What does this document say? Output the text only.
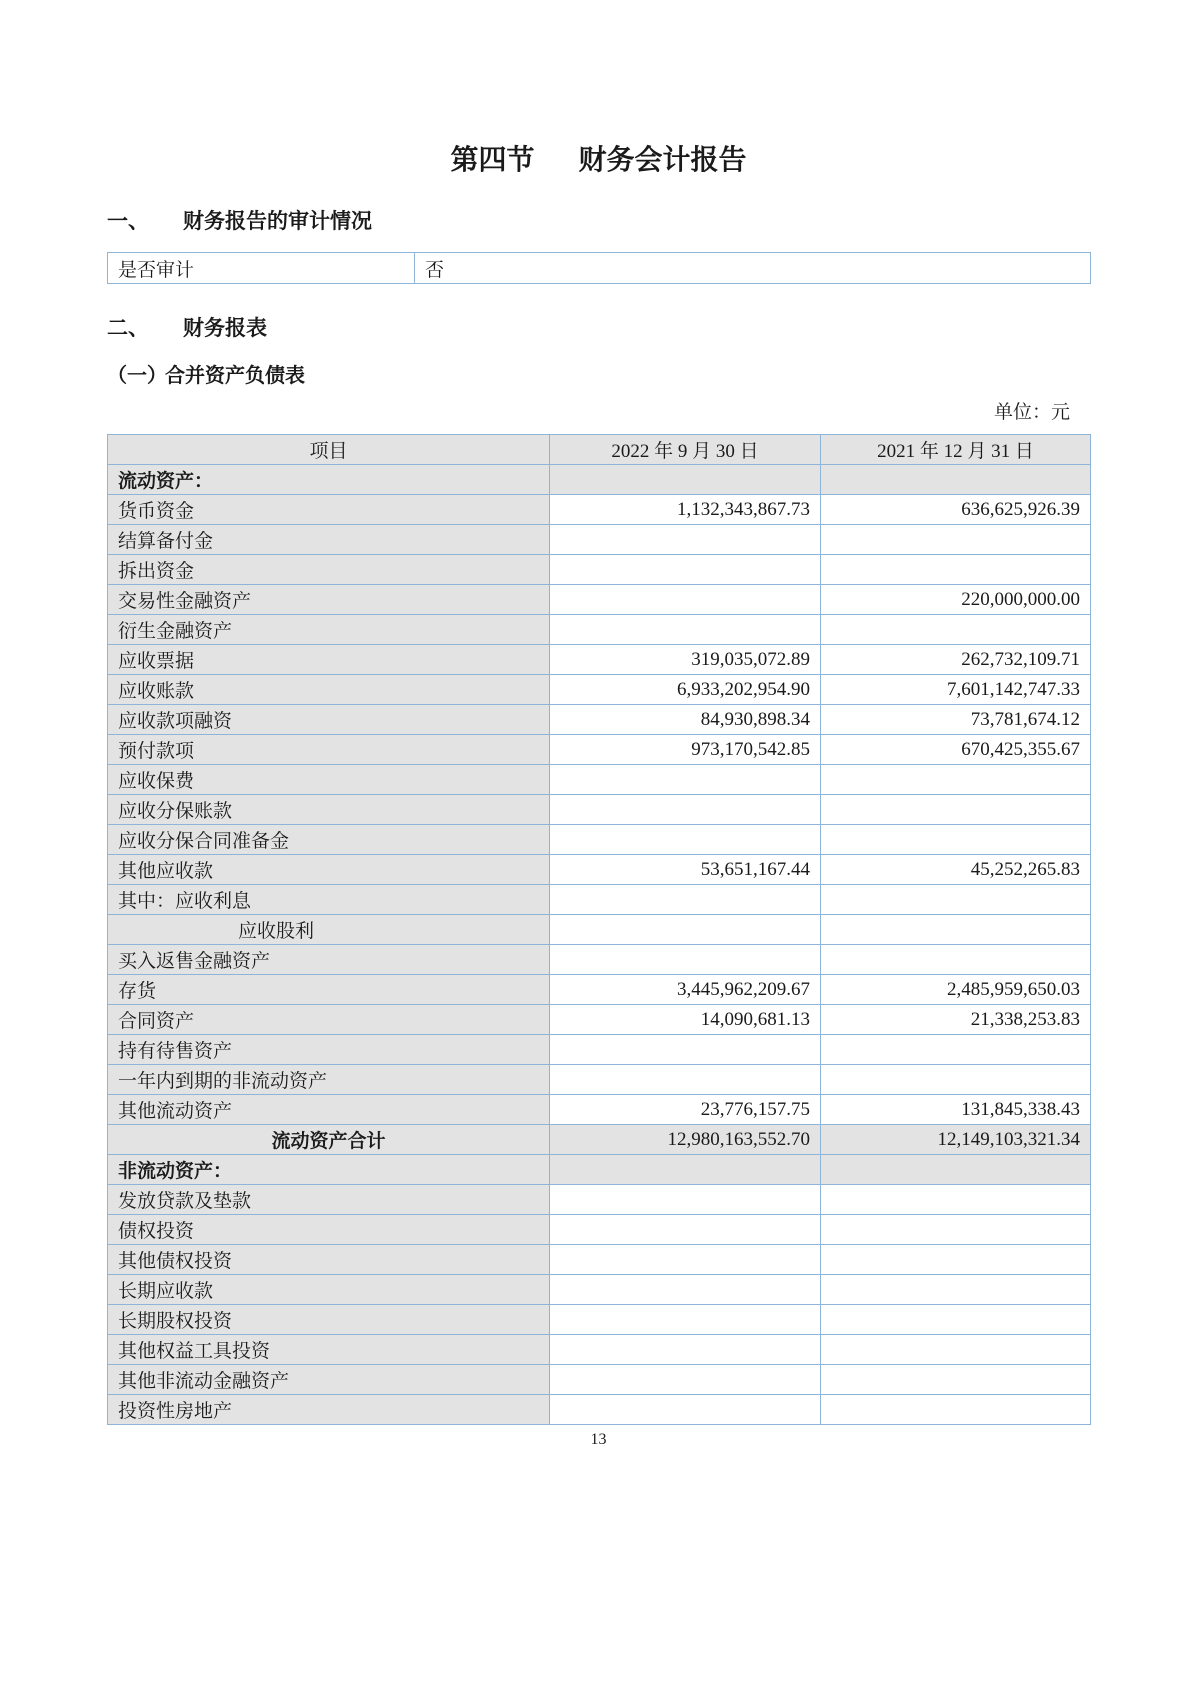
第四节 财务会计报告
一、 财务报告的审计情况
是否审计	否
二、 财务报表
（一）合并资产负债表
单位：元
项目	2022 年 9 月 30 日	2021 年 12 月 31 日
流动资产：		
货币资金	1,132,343,867.73	636,625,926.39
结算备付金		
拆出资金		
交易性金融资产		220,000,000.00
衍生金融资产		
应收票据	319,035,072.89	262,732,109.71
应收账款	6,933,202,954.90	7,601,142,747.33
应收款项融资	84,930,898.34	73,781,674.12
预付款项	973,170,542.85	670,425,355.67
应收保费		
应收分保账款		
应收分保合同准备金		
其他应收款	53,651,167.44	45,252,265.83
其中：应收利息		
应收股利		
买入返售金融资产		
存货	3,445,962,209.67	2,485,959,650.03
合同资产	14,090,681.13	21,338,253.83
持有待售资产		
一年内到期的非流动资产		
其他流动资产	23,776,157.75	131,845,338.43
流动资产合计	12,980,163,552.70	12,149,103,321.34
非流动资产：		
发放贷款及垫款		
债权投资		
其他债权投资		
长期应收款		
长期股权投资		
其他权益工具投资		
其他非流动金融资产		
投资性房地产		
13
